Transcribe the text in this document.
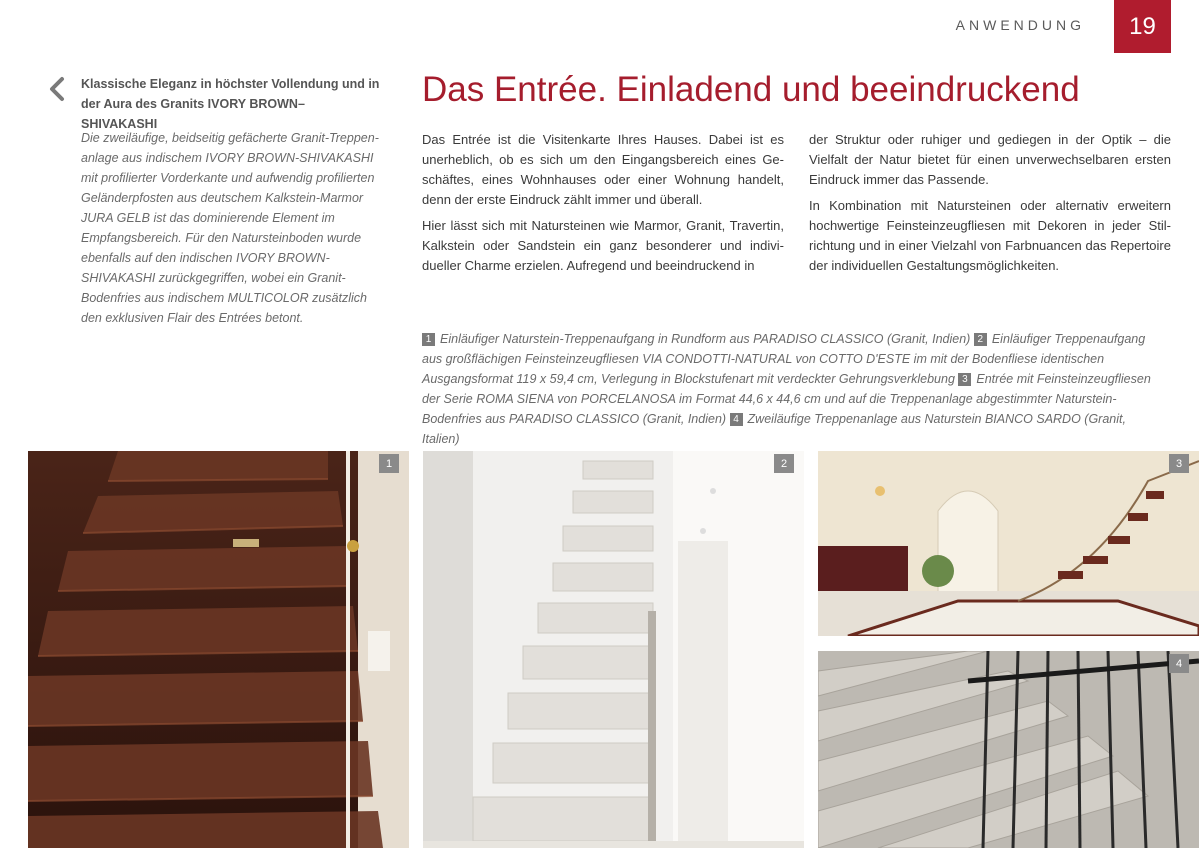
ANWENDUNG	19
Klassische Eleganz in höchster Vollendung und in der Aura des Granits IVORY BROWN–SHIVAKASHI
Die zweiläufige, beidseitig gefächerte Granit-Treppenanlage aus indischem IVORY BROWN-SHIVAKASHI mit profilierter Vorderkante und aufwendig profilierten Geländerpfosten aus deutschem Kalkstein-Marmor JURA GELB ist das dominierende Element im Empfangsbereich. Für den Natursteinboden wurde ebenfalls auf den indischen IVORY BROWN-SHIVAKASHI zurückgegriffen, wobei ein Granit-Bodenfries aus indischem MULTICOLOR zusätzlich den exklusiven Flair des Entrées betont.
Das Entrée. Einladend und beeindruckend

Das Entrée ist die Visitenkarte Ihres Hauses. Dabei ist es unerheblich, ob es sich um den Eingangsbereich eines Geschäftes, eines Wohnhauses oder einer Wohnung handelt, denn der erste Eindruck zählt immer und überall.

Hier lässt sich mit Natursteinen wie Marmor, Granit, Travertin, Kalkstein oder Sandstein ein ganz besonderer und individueller Charme erzielen. Aufregend und beeindruckend in

der Struktur oder ruhiger und gediegen in der Optik – die Vielfalt der Natur bietet für einen unverwechselbaren ersten Eindruck immer das Passende.

In Kombination mit Natursteinen oder alternativ erweitern hochwertige Feinsteinzeugfliesen mit Dekoren in jeder Stilrichtung und in einer Vielzahl von Farbnuancen das Repertoire der individuellen Gestaltungsmöglichkeiten.

1 Einläufiger Naturstein-Treppenaufgang in Rundform aus PARADISO CLASSICO (Granit, Indien) 2 Einläufiger Treppenaufgang aus großflächigen Feinsteinzeugfliesen VIA CONDOTTI-NATURAL von COTTO D'ESTE im mit der Bodenfliese identischen Ausgangsformat 119 x 59,4 cm, Verlegung in Blockstufenart mit verdeckter Gehrungsverklebung 3 Entrée mit Feinsteinzeugfliesen der Serie ROMA SIENA von PORCELANOSA im Format 44,6 x 44,6 cm und auf die Treppenanlage abgestimmter Naturstein-Bodenfries aus PARADISO CLASSICO (Granit, Indien) 4 Zweiläufige Treppenanlage aus Naturstein BIANCO SARDO (Granit, Italien)
1	2	3
4
